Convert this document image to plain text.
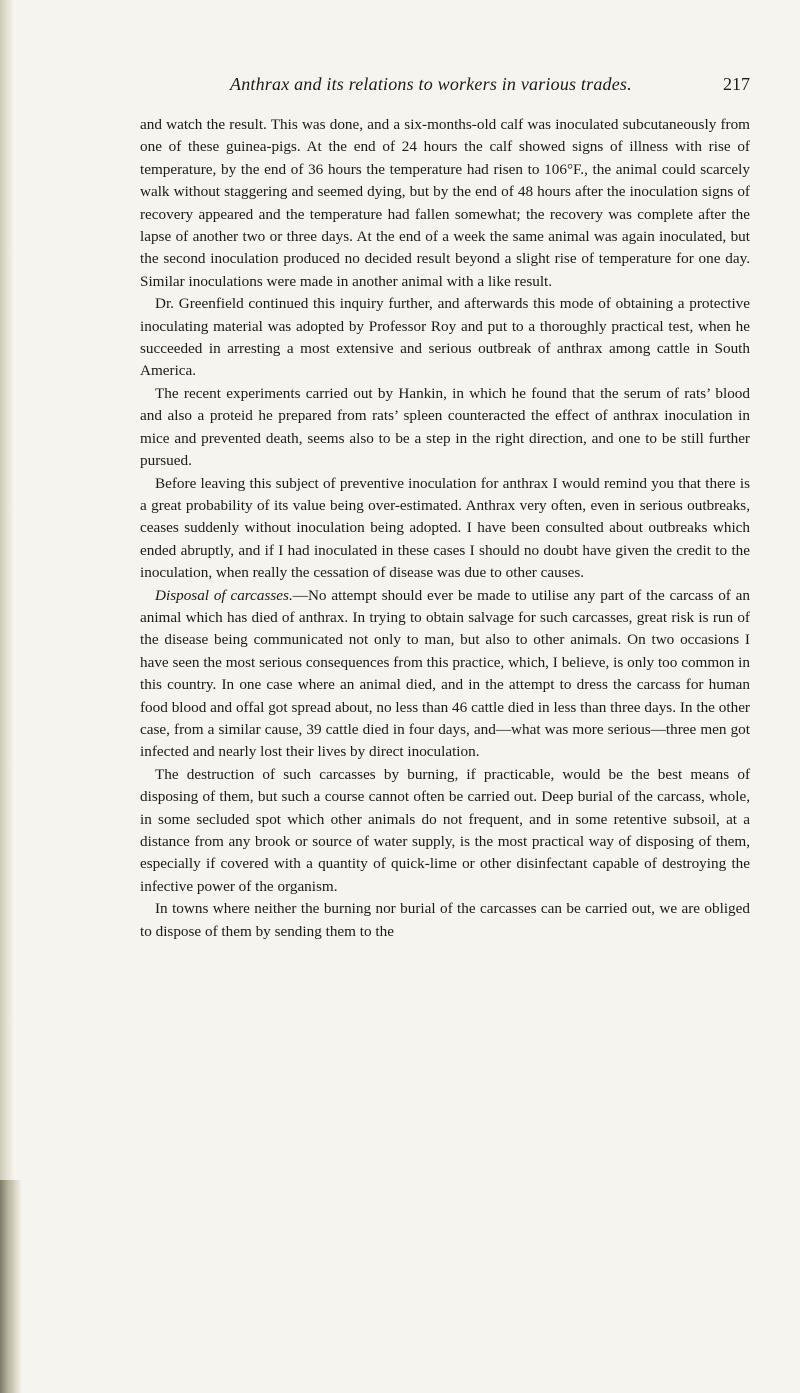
Anthrax and its relations to workers in various trades.	217

and watch the result. This was done, and a six-months-old calf was inoculated subcutaneously from one of these guinea-pigs. At the end of 24 hours the calf showed signs of illness with rise of temperature, by the end of 36 hours the temperature had risen to 106°F., the animal could scarcely walk without staggering and seemed dying, but by the end of 48 hours after the inoculation signs of recovery appeared and the temperature had fallen somewhat; the recovery was complete after the lapse of another two or three days. At the end of a week the same animal was again inoculated, but the second inoculation produced no decided result beyond a slight rise of temperature for one day. Similar inoculations were made in another animal with a like result.

Dr. Greenfield continued this inquiry further, and afterwards this mode of obtaining a protective inoculating material was adopted by Professor Roy and put to a thoroughly practical test, when he succeeded in arresting a most extensive and serious outbreak of anthrax among cattle in South America.

The recent experiments carried out by Hankin, in which he found that the serum of rats’ blood and also a proteid he prepared from rats’ spleen counteracted the effect of anthrax inoculation in mice and prevented death, seems also to be a step in the right direction, and one to be still further pursued.

Before leaving this subject of preventive inoculation for anthrax I would remind you that there is a great probability of its value being over-estimated. Anthrax very often, even in serious outbreaks, ceases suddenly without inoculation being adopted. I have been consulted about outbreaks which ended abruptly, and if I had inoculated in these cases I should no doubt have given the credit to the inoculation, when really the cessation of disease was due to other causes.

Disposal of carcasses.—No attempt should ever be made to utilise any part of the carcass of an animal which has died of anthrax. In trying to obtain salvage for such carcasses, great risk is run of the disease being communicated not only to man, but also to other animals. On two occasions I have seen the most serious consequences from this practice, which, I believe, is only too common in this country. In one case where an animal died, and in the attempt to dress the carcass for human food blood and offal got spread about, no less than 46 cattle died in less than three days. In the other case, from a similar cause, 39 cattle died in four days, and—what was more serious—three men got infected and nearly lost their lives by direct inoculation.

The destruction of such carcasses by burning, if practicable, would be the best means of disposing of them, but such a course cannot often be carried out. Deep burial of the carcass, whole, in some secluded spot which other animals do not frequent, and in some retentive subsoil, at a distance from any brook or source of water supply, is the most practical way of disposing of them, especially if covered with a quantity of quick-lime or other disinfectant capable of destroying the infective power of the organism.

In towns where neither the burning nor burial of the carcasses can be carried out, we are obliged to dispose of them by sending them to the
